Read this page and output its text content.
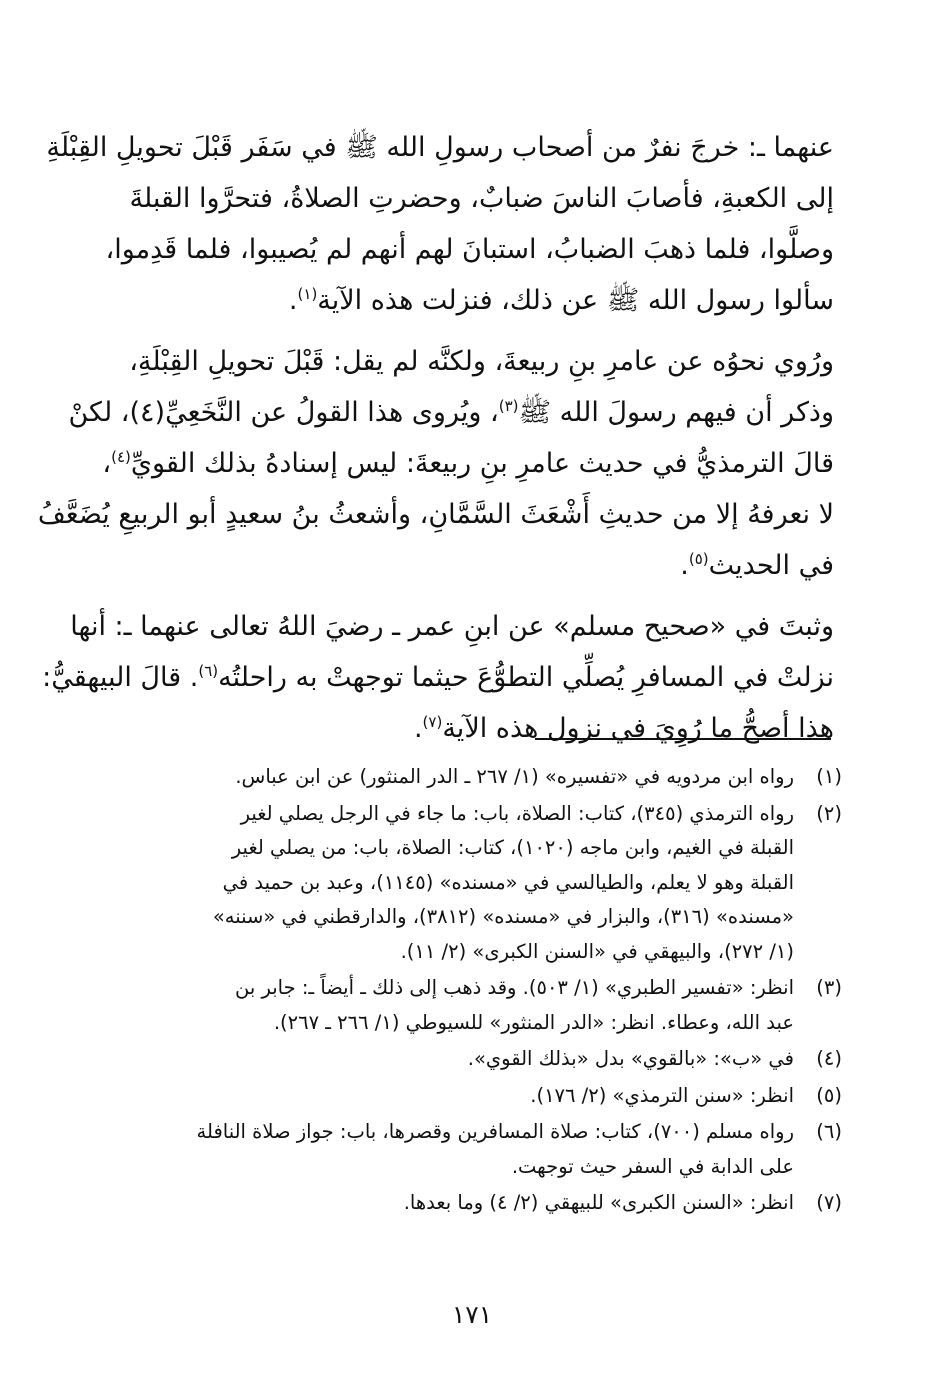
عنهما ـ: خرجَ نفرٌ من أصحاب رسولِ الله ﷺ في سَفَر قَبْلَ تحويلِ القِبْلَةِ
إلى الكعبةِ، فأصابَ الناسَ ضبابٌ، وحضرتِ الصلاةُ، فتحرَّوا القبلةَ
وصلَّوا، فلما ذهبَ الضبابُ، استبانَ لهم أنهم لم يُصيبوا، فلما قَدِموا،
سألوا رسول الله ﷺ عن ذلك، فنزلت هذه الآية$^{(١)}$.

ورُوي نحوُه عن عامرِ بنِ ربيعةَ، ولكنَّه لم يقل: قَبْلَ تحويلِ القِبْلَةِ،
وذكر أن فيهم رسولَ الله ﷺ$^{(٣)}$، ويُروى هذا القولُ عن النَّخَعِيِّ(٤)، لكنْ
قالَ الترمذيُّ في حديث عامرِ بنِ ربيعةَ: ليس إسنادهُ بذلك القويِّ$^{(٤)}$،
لا نعرفهُ إلا من حديثِ أَشْعَثَ السَّمَّانِ، وأشعثُ بنُ سعيدٍ أبو الربيعِ يُضَعَّفُ
في الحديث$^{(٥)}$.

وثبتَ في «صحيح مسلم» عن ابنِ عمر ـ رضيَ اللهُ تعالى عنهما ـ: أنها
نزلتْ في المسافرِ يُصلِّي التطوُّعَ حيثما توجهتْ به راحلتُه$^{(٦)}$. قالَ البيهقيُّ:
هذا أصحُّ ما رُوِيَ في نزول هذه الآية$^{(٧)}$.

(١)
رواه ابن مردويه في «تفسيره» (١/ ٢٦٧ ـ الدر المنثور) عن ابن عباس.
(٢)
رواه الترمذي (٣٤٥)، كتاب: الصلاة، باب: ما جاء في الرجل يصلي لغير
القبلة في الغيم، وابن ماجه (١٠٢٠)، كتاب: الصلاة، باب: من يصلي لغير
القبلة وهو لا يعلم، والطيالسي في «مسنده» (١١٤٥)، وعبد بن حميد في
«مسنده» (٣١٦)، والبزار في «مسنده» (٣٨١٢)، والدارقطني في «سننه»
(١/ ٢٧٢)، والبيهقي في «السنن الكبرى» (٢/ ١١).
(٣)
انظر: «تفسير الطبري» (١/ ٥٠٣). وقد ذهب إلى ذلك ـ أيضاً ـ: جابر بن
عبد الله، وعطاء. انظر: «الدر المنثور» للسيوطي (١/ ٢٦٦ ـ ٢٦٧).
(٤)
في «ب»: «بالقوي» بدل «بذلك القوي».
(٥)
انظر: «سنن الترمذي» (٢/ ١٧٦).
(٦)
رواه مسلم (٧٠٠)، كتاب: صلاة المسافرين وقصرها، باب: جواز صلاة النافلة
على الدابة في السفر حيث توجهت.
(٧)
انظر: «السنن الكبرى» للبيهقي (٢/ ٤) وما بعدها.
١٧١
